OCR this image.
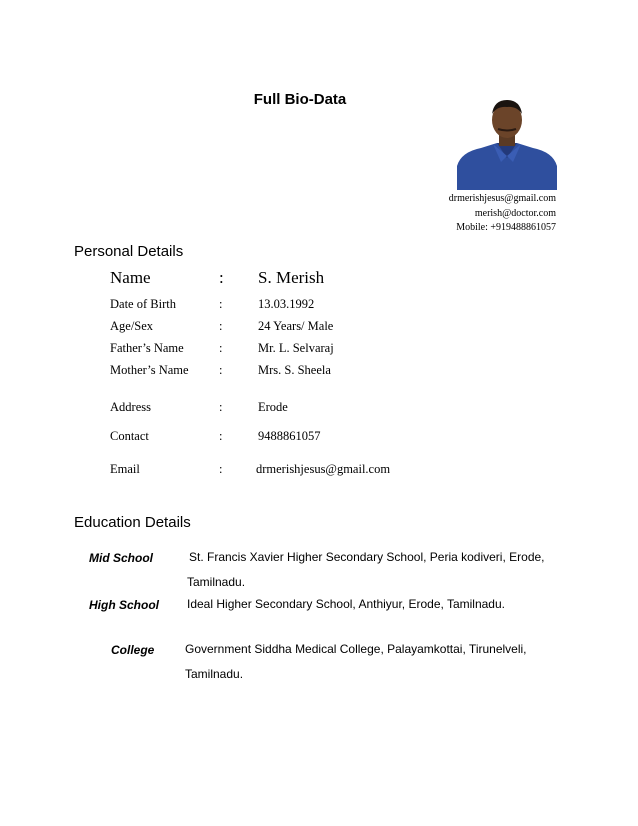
Full Bio-Data
drmerishjesus@gmail.com
merish@doctor.com
Mobile: +919488861057
Personal Details
Name	: S. Merish
Date of Birth	:	13.03.1992
Age/Sex	:	24 Years/ Male
Father’s Name	:	Mr. L. Selvaraj
Mother’s Name :	Mrs. S. Sheela
Address	:	Erode
Contact	:	9488861057
Email	:	drmerishjesus@gmail.com
Education Details
Mid School	St. Francis Xavier Higher Secondary School, Peria kodiveri, Erode,
Tamilnadu.
High School Ideal Higher Secondary School, Anthiyur, Erode, Tamilnadu.
College	Government Siddha Medical College, Palayamkottai, Tirunelveli,
Tamilnadu.
